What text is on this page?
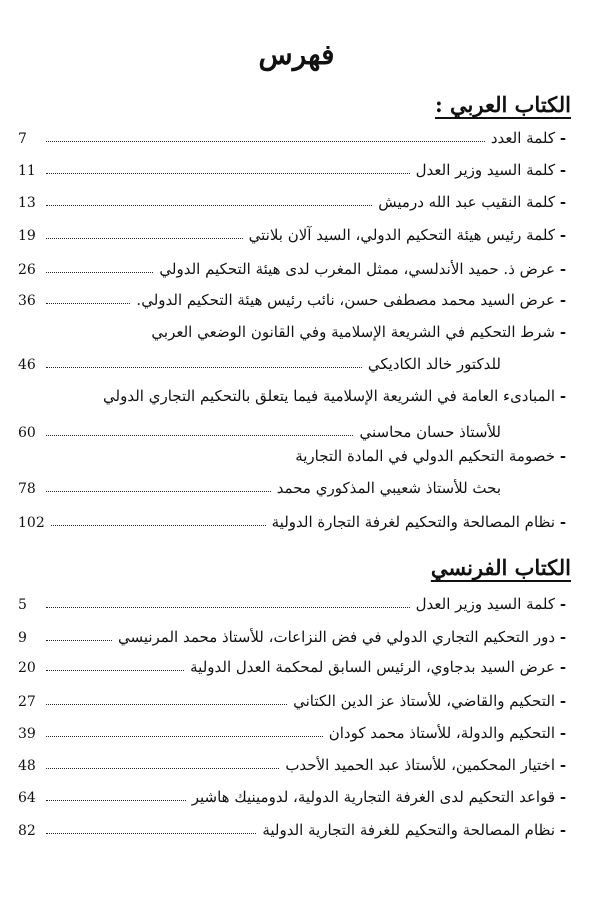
فهرس
الكتاب العربي :
-
كلمة العدد
7
-
كلمة السيد وزير العدل
11
-
كلمة النقيب عبد الله درميش
13
-
كلمة رئيس هيئة التحكيم الدولي، السيد آلان بلانتي
19
-
عرض ذ. حميد الأندلسي، ممثل المغرب لدى هيئة التحكيم الدولي
26
-
عرض السيد محمد مصطفى حسن، نائب رئيس هيئة التحكيم الدولي.
36
-
شرط التحكيم في الشريعة الإسلامية وفي القانون الوضعي العربي
للدكتور خالد الكاديكي
46
-
المبادىء العامة في الشريعة الإسلامية فيما يتعلق بالتحكيم التجاري الدولي
للأستاذ حسان محاسني
60
-
خصومة التحكيم الدولي في المادة التجارية
بحث للأستاذ شعيبي المذكوري محمد
78
-
نظام المصالحة والتحكيم لغرفة التجارة الدولية
102
الكتاب الفرنسي
-
كلمة السيد وزير العدل
5
-
دور التحكيم التجاري الدولي في فض النزاعات، للأستاذ محمد المرنيسي
9
-
عرض السيد بدجاوي، الرئيس السابق لمحكمة العدل الدولية
20
-
التحكيم والقاضي، للأستاذ عز الدين الكتاني
27
-
التحكيم والدولة، للأستاذ محمد كودان
39
-
اختيار المحكمين، للأستاذ عبد الحميد الأحدب
48
-
قواعد التحكيم لدى الغرفة التجارية الدولية، لدومينيك هاشير
64
-
نظام المصالحة والتحكيم للغرفة التجارية الدولية
82
